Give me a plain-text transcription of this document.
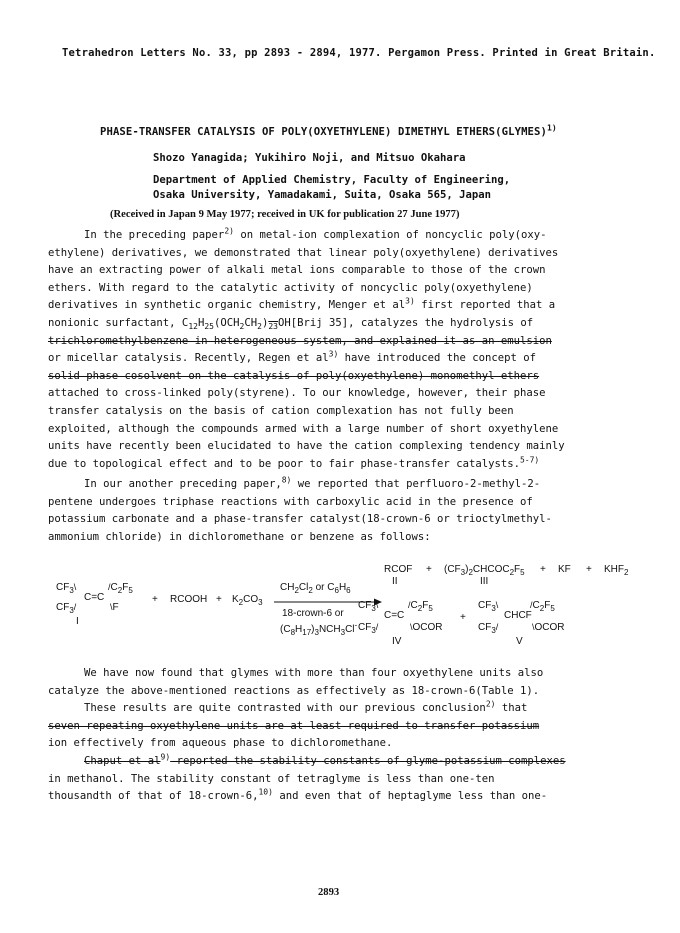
Tetrahedron Letters No. 33, pp 2893 - 2894, 1977. Pergamon Press. Printed in Great Britain.
PHASE-TRANSFER CATALYSIS OF POLY(OXYETHYLENE) DIMETHYL ETHERS(GLYMES)$^{1)}$
Shozo Yanagida; Yukihiro Noji, and Mitsuo Okahara
Department of Applied Chemistry, Faculty of Engineering,
Osaka University, Yamadakami, Suita, Osaka 565, Japan
(Received in Japan 9 May 1977; received in UK for publication 27 June 1977)
In the preceding paper$^{2)}$ on metal-ion complexation of noncyclic poly(oxy-
ethylene) derivatives, we demonstrated that linear poly(oxyethylene) derivatives
have an extracting power of alkali metal ions comparable to those of the crown
ethers. With regard to the catalytic activity of noncyclic poly(oxyethylene)
derivatives in synthetic organic chemistry, Menger et $al^{3)}$ first reported that a
nonionic surfactant, $C_{12}H_{25}(OCH_2CH_2)_{23}OH[Brij$ 35], catalyzes the hydrolysis of
trichloromethylbenzene in heterogeneous system, and explained it as an emulsion
or micellar catalysis. Recently, Regen et $al^{3)}$ have introduced the concept of
solid phase cosolvent on the catalysis of poly(oxyethylene) monomethyl ethers
attached to cross-linked poly(styrene). To our knowledge, however, their phase
transfer catalysis on the basis of cation complexation has not fully been
exploited, although the compounds armed with a large number of short oxyethylene
units have recently been elucidated to have the cation complexing tendency mainly
due to topological effect and to be poor to fair phase-transfer catalysts.$^{5-7)}$
In our another preceding paper,$^{8)}$ we reported that perfluoro-2-methyl-2-
pentene undergoes triphase reactions with carboxylic acid in the presence of
potassium carbonate and a phase-transfer catalyst(18-crown-6 or trioctylmethyl-
ammonium chloride) in dichloromethane or benzene as follows:
$CF_3\backslash$
C=C
$/C_2F_5$
$CF_3/$	\F
I
+ RCOOH + $K_2CO_3$
$CH_2Cl_2$ or $C_6H_6$
18-crown-6 or
$(C_8H_{17})_3NCH_3Cl^-$
RCOF + $(CF_3)_2CHCOC_2F_5$ + KF + $KHF_2$
II	III
$CF_3\backslash$
C=C
$/C_2F_5$
$CF_3/$	\OCOR
IV
+
$CF_3\backslash$
CHCF
$/C_2F_5$
$CF_3/$	\OCOR
V
We have now found that glymes with more than four oxyethylene units also
catalyze the above-mentioned reactions as effectively as 18-crown-6(Table 1).
These results are quite contrasted with our previous conclusion$^{2)}$ that
seven repeating oxyethylene units are at least required to transfer potassium
ion effectively from aqueous phase to dichloromethane.
Chaput et $al^{9)}$ reported the stability constants of glyme-potassium complexes
in methanol. The stability constant of tetraglyme is less than one-ten
thousandth of that of 18-crown-6,$^{10)}$ and even that of heptaglyme less than one-
2893
